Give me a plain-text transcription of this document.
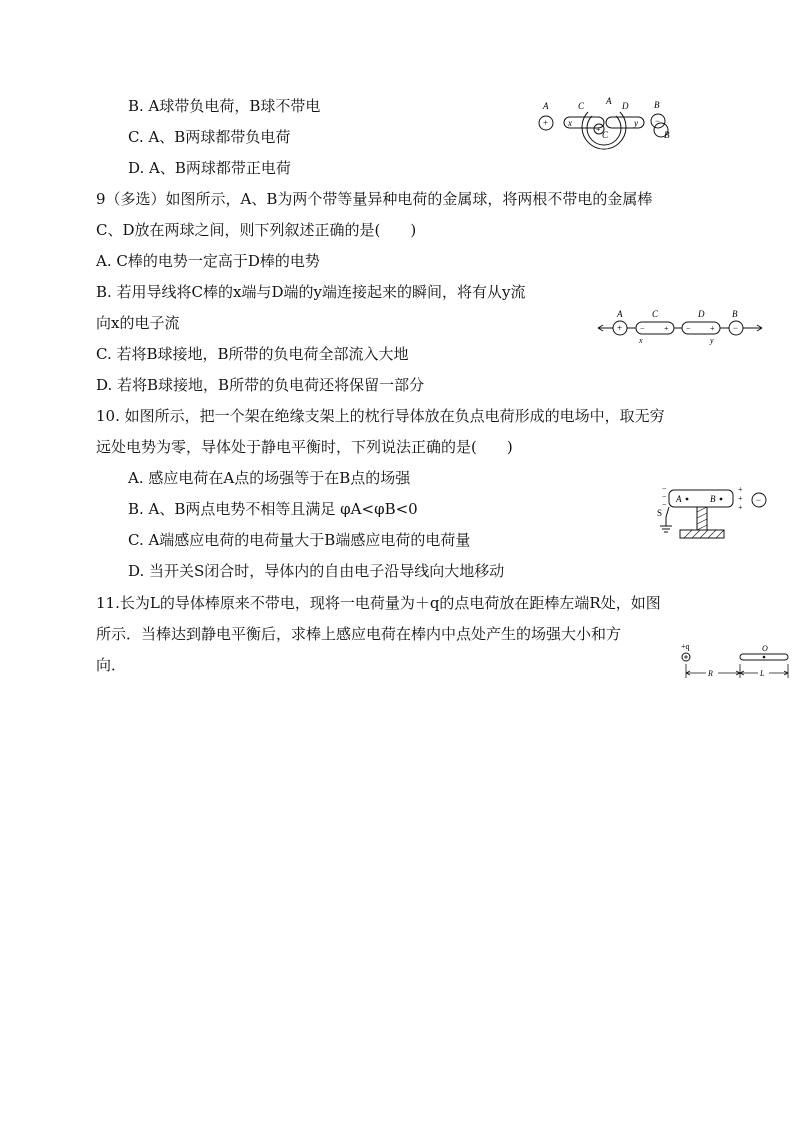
B. A球带负电荷，B球不带电
C. A、B两球都带负电荷
D. A、B两球都带正电荷
A
+ x
C
+
C
A
y
D	B
−
B
9（多选）如图所示，A、B为两个带等量异种电荷的金属球，将两根不带电的金属棒
C、D放在两球之间，则下列叙述正确的是(　　)
A. C棒的电势一定高于D棒的电势
B. 若用导线将C棒的x端与D端的y端连接起来的瞬间，将有从y流
向x的电子流
C. 若将B球接地，B所带的负电荷全部流入大地
D. 若将B球接地，B所带的负电荷还将保留一部分
A
+
C
− +
x
D
− +
y
B
−
10. 如图所示，把一个架在绝缘支架上的枕行导体放在负点电荷形成的电场中，取无穷
远处电势为零，导体处于静电平衡时，下列说法正确的是(　　)
A. 感应电荷在A点的场强等于在B点的场强
B. A、B两点电势不相等且满足 φA<φB<0
C. A端感应电荷的电荷量大于B端感应电荷的电荷量
D. 当开关S闭合时，导体内的自由电子沿导线向大地移动
−
−
−
A	B
+
+
+
−
S
11.长为L的导体棒原来不带电，现将一电荷量为＋q的点电荷放在距棒左端R处，如图
所示．当棒达到静电平衡后，求棒上感应电荷在棒内中点处产生的场强大小和方
向．
+q	O
R	L
